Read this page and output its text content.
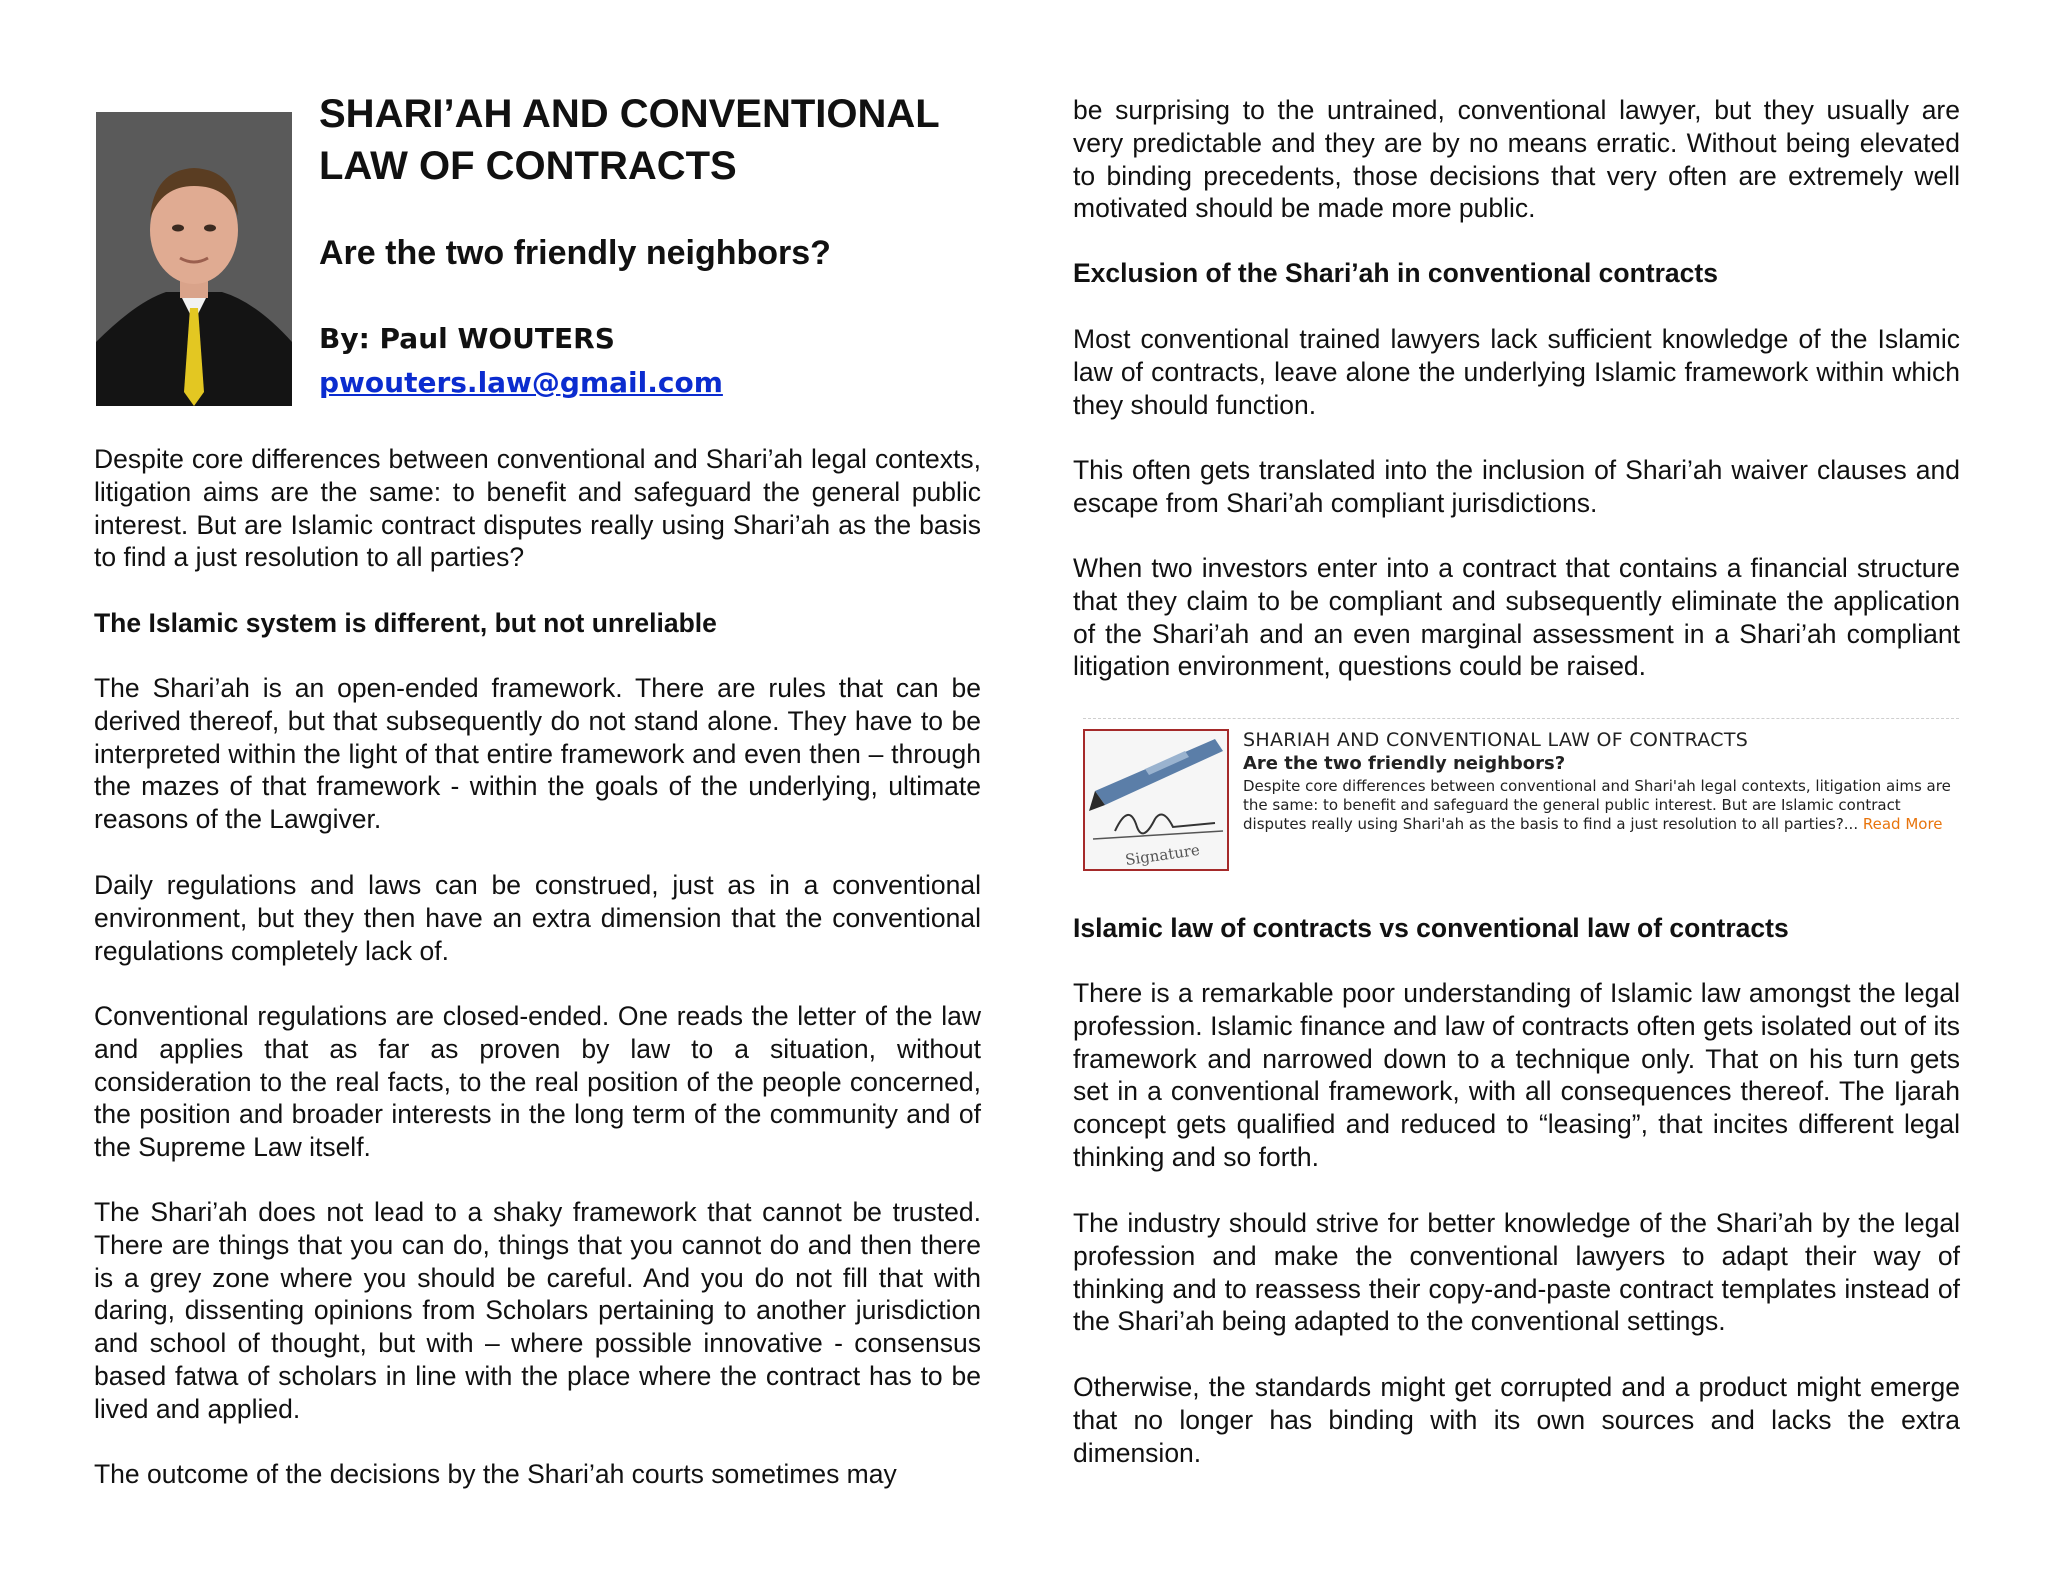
SHARI’AH AND CONVENTIONAL LAW OF CONTRACTS
Are the two friendly neighbors?

By: Paul WOUTERS

pwouters.law@gmail.com

Despite core differences between conventional and Shari’ah legal contexts, litigation aims are the same: to benefit and safeguard the general public interest. But are Islamic contract disputes really using Shari’ah as the basis to find a just resolution to all parties?

The Islamic system is different, but not unreliable

The Shari’ah is an open-ended framework. There are rules that can be derived thereof, but that subsequently do not stand alone. They have to be interpreted within the light of that entire framework and even then – through the mazes of that framework - within the goals of the underlying, ultimate reasons of the Lawgiver.

Daily regulations and laws can be construed, just as in a conventional environment, but they then have an extra dimension that the conventional regulations completely lack of.

Conventional regulations are closed-ended. One reads the letter of the law and applies that as far as proven by law to a situation, without consideration to the real facts, to the real position of the people concerned, the position and broader interests in the long term of the community and of the Supreme Law itself.

The Shari’ah does not lead to a shaky framework that cannot be trusted. There are things that you can do, things that you cannot do and then there is a grey zone where you should be careful. And you do not fill that with daring, dissenting opinions from Scholars pertaining to another jurisdiction and school of thought, but with – where possible innovative - consensus based fatwa of scholars in line with the place where the contract has to be lived and applied.

The outcome of the decisions by the Shari’ah courts sometimes may

be surprising to the untrained, conventional lawyer, but they usually are very predictable and they are by no means erratic. Without being elevated to binding precedents, those decisions that very often are extremely well motivated should be made more public.

Exclusion of the Shari’ah in conventional contracts

Most conventional trained lawyers lack sufficient knowledge of the Islamic law of contracts, leave alone the underlying Islamic framework within which they should function.

This often gets translated into the inclusion of Shari’ah waiver clauses and escape from Shari’ah compliant jurisdictions.

When two investors enter into a contract that contains a financial structure that they claim to be compliant and subsequently eliminate the application of the Shari’ah and an even marginal assessment in a Shari’ah compliant litigation environment, questions could be raised.

Signature

SHARIAH AND CONVENTIONAL LAW OF CONTRACTS

Are the two friendly neighbors?

Despite core differences between conventional and Shari'ah legal contexts, litigation aims are the same: to benefit and safeguard the general public interest. But are Islamic contract disputes really using Shari'ah as the basis to find a just resolution to all parties?... Read More

Islamic law of contracts vs conventional law of contracts

There is a remarkable poor understanding of Islamic law amongst the legal profession. Islamic finance and law of contracts often gets isolated out of its framework and narrowed down to a technique only. That on his turn gets set in a conventional framework, with all consequences thereof. The Ijarah concept gets qualified and reduced to “leasing”, that incites different legal thinking and so forth.

The industry should strive for better knowledge of the Shari’ah by the legal profession and make the conventional lawyers to adapt their way of thinking and to reassess their copy-and-paste contract templates instead of the Shari’ah being adapted to the conventional settings.

Otherwise, the standards might get corrupted and a product might emerge that no longer has binding with its own sources and lacks the extra dimension.
